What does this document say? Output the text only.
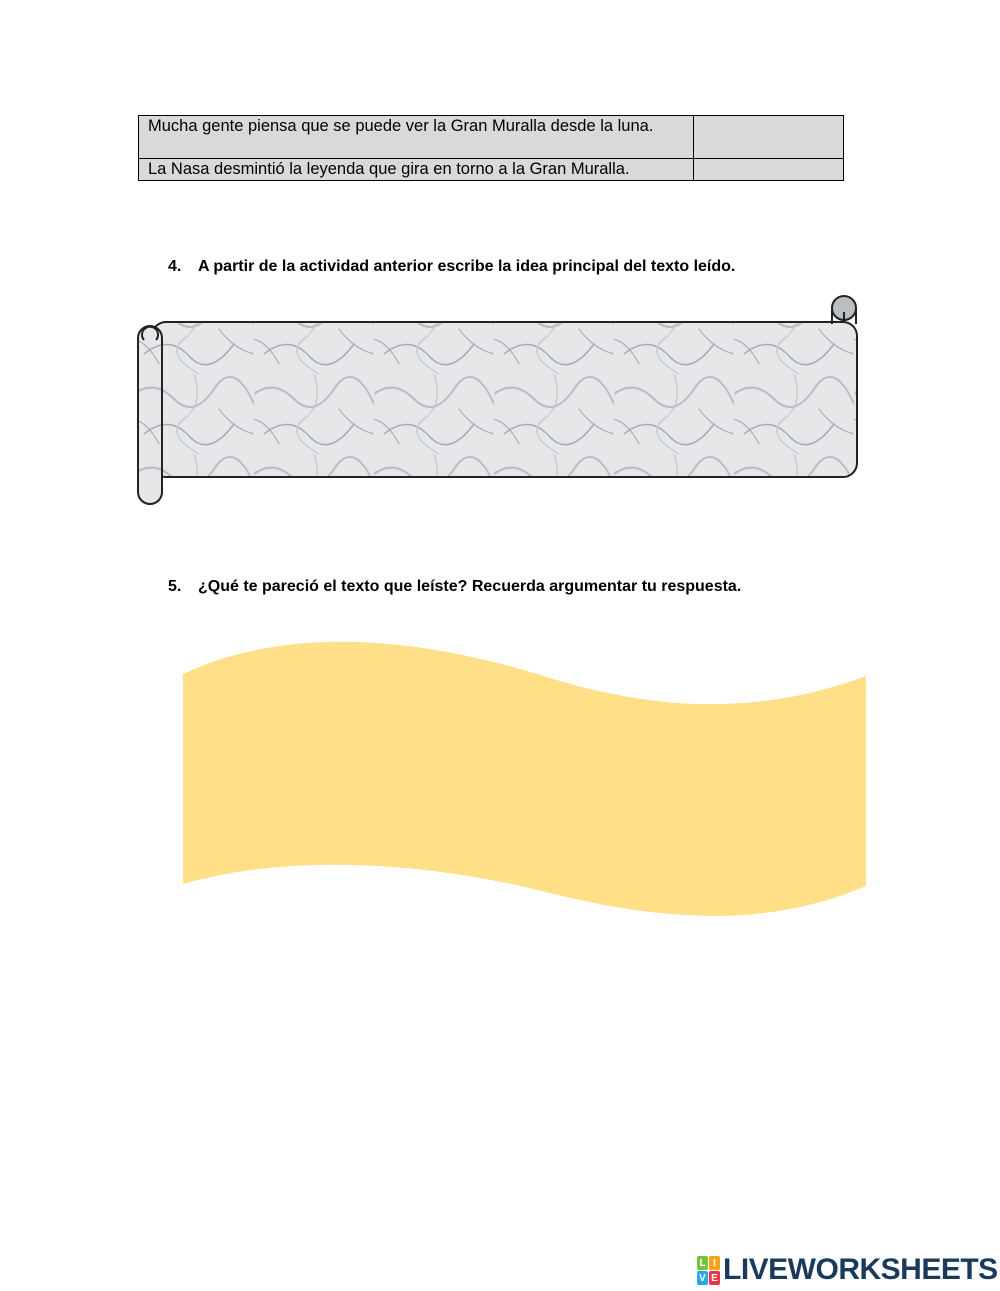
Mucha gente piensa que se puede ver la Gran Muralla desde la luna.	
La Nasa desmintió la leyenda que gira en torno a la Gran Muralla.	
4. A partir de la actividad anterior escribe la idea principal del texto leído.
5. ¿Qué te pareció el texto que leíste? Recuerda argumentar tu respuesta.
L I
V E LIVEWORKSHEETS
